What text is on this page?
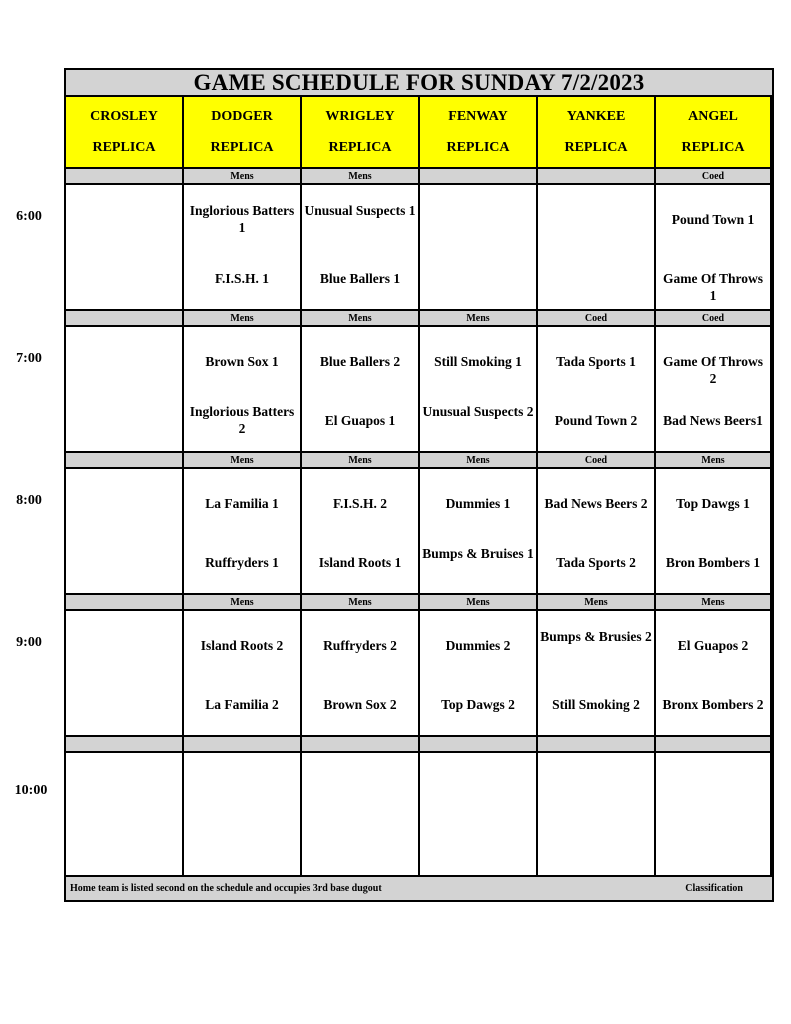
GAME SCHEDULE FOR SUNDAY 7/2/2023
CROSLEY
REPLICA
DODGER
REPLICA
WRIGLEY
REPLICA
FENWAY
REPLICA
YANKEE
REPLICA
ANGEL
REPLICA
Mens
Inglorious Batters 1
F.I.S.H. 1
Mens
Unusual Suspects 1
Blue Ballers 1
Coed
Pound Town 1
Game Of Throws 1
Mens
Brown Sox 1
Inglorious Batters 2
Mens
Blue Ballers 2
El Guapos 1
Mens
Still Smoking 1
Unusual Suspects 2
Coed
Tada Sports 1
Pound Town 2
Coed
Game Of Throws 2
Bad News Beers1
Mens
La Familia 1
Ruffryders 1
Mens
F.I.S.H. 2
Island Roots 1
Mens
Dummies 1
Bumps & Bruises 1
Coed
Bad News Beers 2
Tada Sports 2
Mens
Top Dawgs 1
Bron Bombers 1
Mens
Island Roots 2
La Familia 2
Mens
Ruffryders 2
Brown Sox 2
Mens
Dummies 2
Top Dawgs 2
Mens
Bumps & Brusies 2
Still Smoking 2
Mens
El Guapos 2
Bronx Bombers 2
Home team is listed second on the schedule and occupies 3rd base dugout	Classification
6:00
7:00
8:00
9:00
10:00
